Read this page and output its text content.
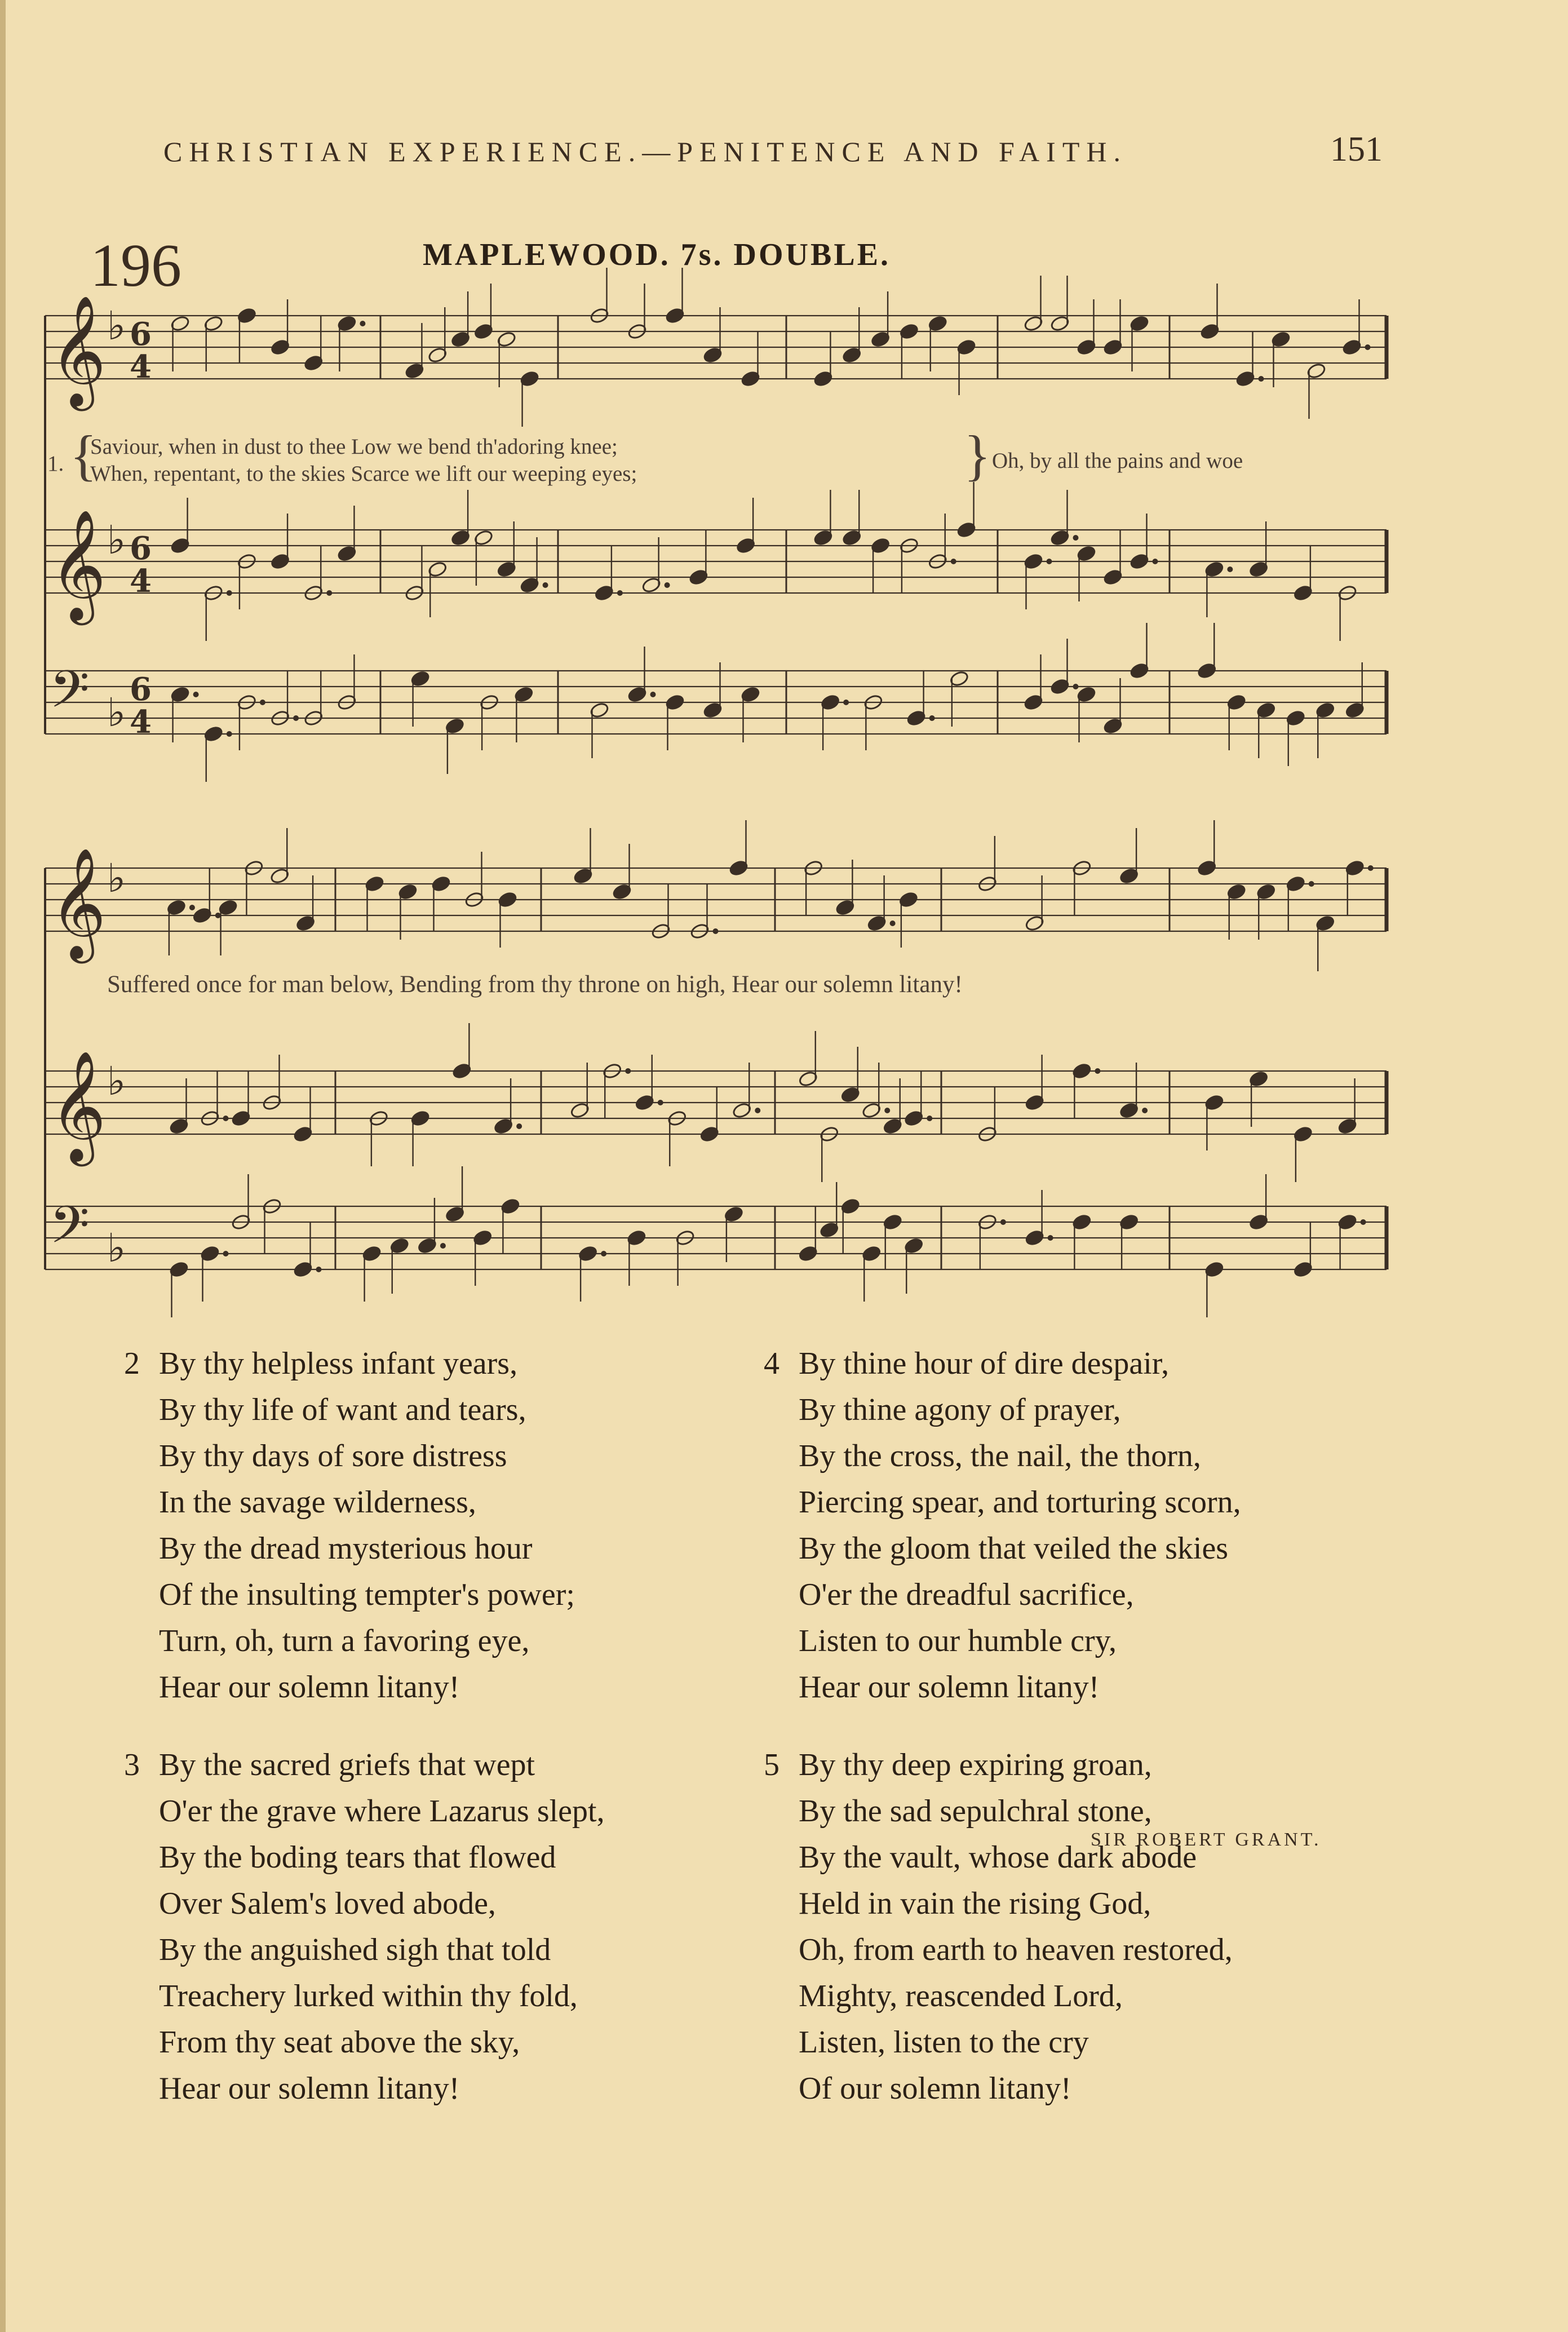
CHRISTIAN EXPERIENCE.—PENITENCE AND FAITH.	151
196	MAPLEWOOD. 7s. DOUBLE.
𝄞 ♭ 6
4
𝄞 ♭ 6
4
𝄢 ♭ 6
4
1. {
Saviour, when in dust to thee Low we bend th'adoring knee;
When, repentant, to the skies Scarce we lift our weeping eyes;	} Oh, by all the pains and woe
𝄞 ♭
𝄞 ♭
𝄢 ♭
Suffered once for man below, Bending from thy throne on high, Hear our solemn litany!
2 By thy helpless infant years,
By thy life of want and tears,
By thy days of sore distress
In the savage wilderness,
By the dread mysterious hour
Of the insulting tempter's power;
Turn, oh, turn a favoring eye,
Hear our solemn litany!
3 By the sacred griefs that wept
O'er the grave where Lazarus slept,
By the boding tears that flowed
Over Salem's loved abode,
By the anguished sigh that told
Treachery lurked within thy fold,
From thy seat above the sky,
Hear our solemn litany!
4 By thine hour of dire despair,
By thine agony of prayer,
By the cross, the nail, the thorn,
Piercing spear, and torturing scorn,
By the gloom that veiled the skies
O'er the dreadful sacrifice,
Listen to our humble cry,
Hear our solemn litany!
5 By thy deep expiring groan,
By the sad sepulchral stone,
By the vault, whose dark abode
Held in vain the rising God,
Oh, from earth to heaven restored,
Mighty, reascended Lord,
Listen, listen to the cry
Of our solemn litany!
SIR ROBERT GRANT.
